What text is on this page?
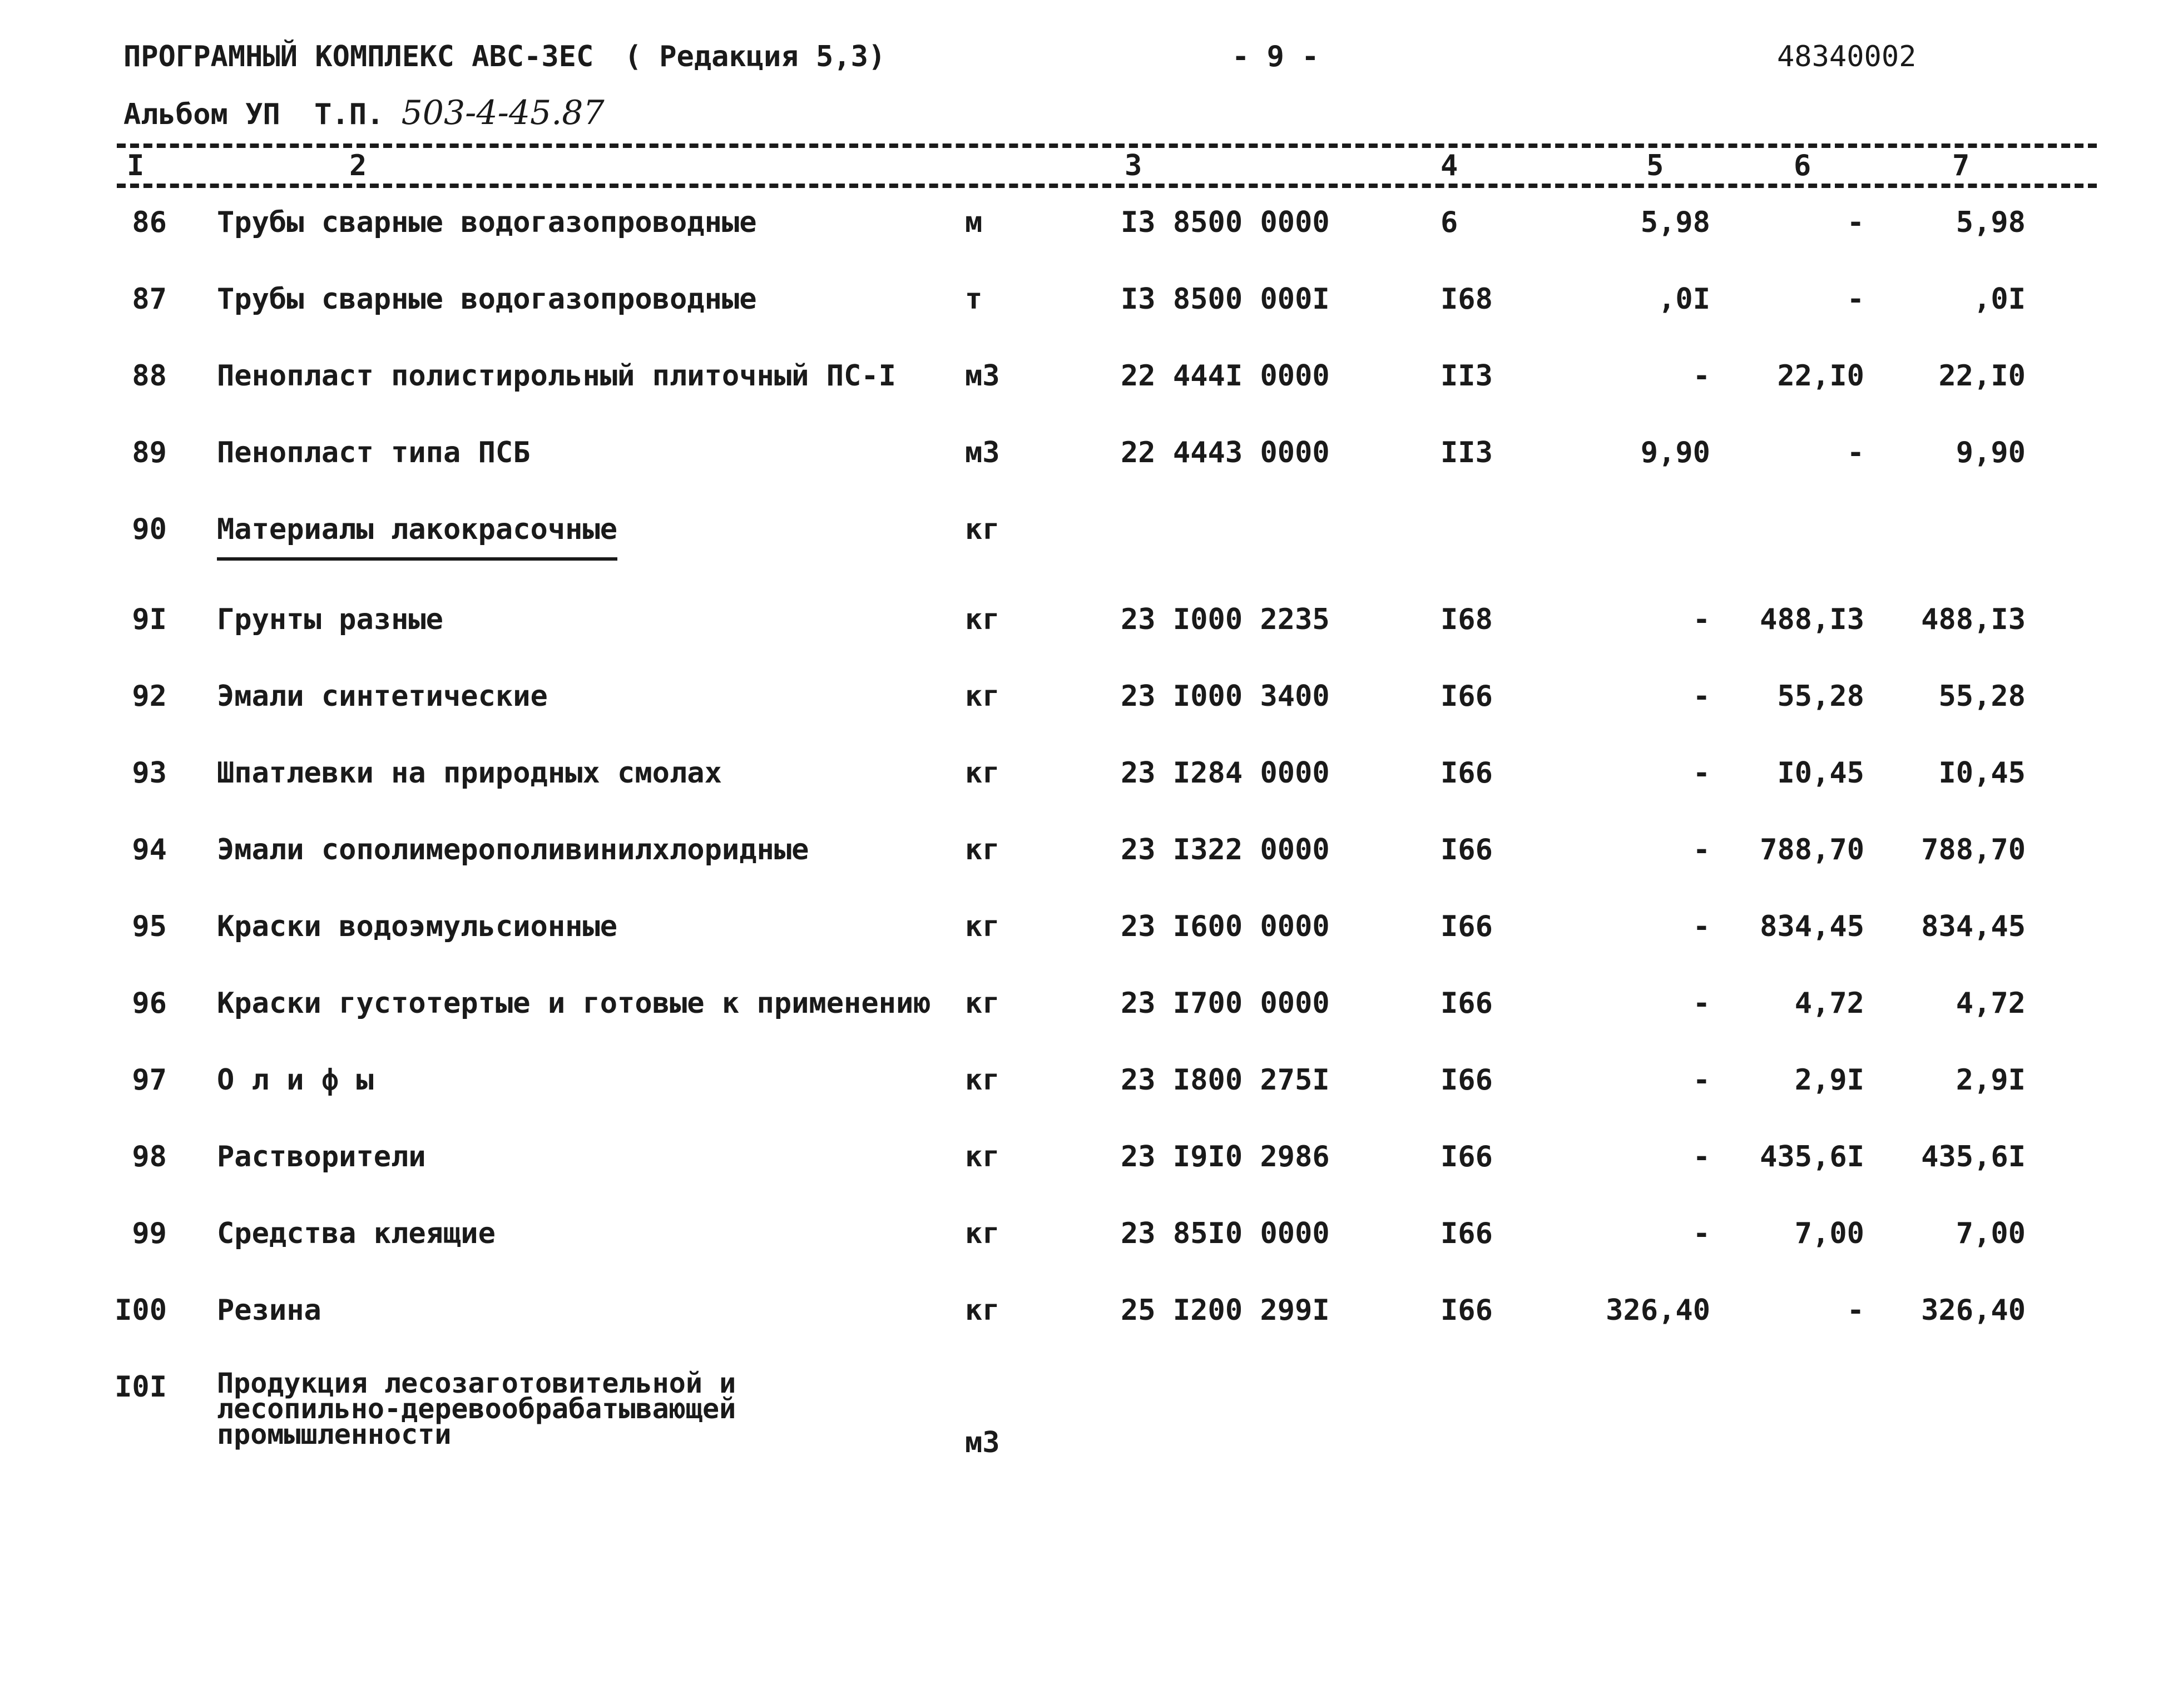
ПРОГРАМНЫЙ КОМПЛЕКС АВС-ЗЕС ( Редакция 5,3)	- 9 -	48340002
Альбом УП Т.П. 503-4-45.87
I	2	3	4	5	6	7
86 Трубы сварные водогазопроводные	м	I3 8500 0000	6	5,98	-	5,98
87 Трубы сварные водогазопроводные	т	I3 8500 000I	I68	,0I	-	,0I
88 Пенопласт полистирольный плиточный ПС-I м3	22 444I 0000	II3	-	22,I0	22,I0
89 Пенопласт типа ПСБ	м3	22 4443 0000	II3	9,90	-	9,90
90 Материалы лакокрасочные	кг
9I Грунты разные	кг	23 I000 2235	I68	-	488,I3	488,I3
92 Эмали синтетические	кг	23 I000 3400	I66	-	55,28	55,28
93 Шпатлевки на природных смолах	кг	23 I284 0000	I66	-	I0,45	I0,45
94 Эмали сополимерополивинилхлоридные	кг	23 I322 0000	I66	-	788,70	788,70
95 Краски водоэмульсионные	кг	23 I600 0000	I66	-	834,45	834,45
96 Краски густотертые и готовые к применению кг	23 I700 0000	I66	-	4,72	4,72
97 О л и ф ы	кг	23 I800 275I	I66	-	2,9I	2,9I
98 Растворители	кг	23 I9I0 2986	I66	-	435,6I	435,6I
99 Средства клеящие	кг	23 85I0 0000	I66	-	7,00	7,00
I00 Резина	кг	25 I200 299I	I66	326,40	-	326,40
I0I Продукция лесозаготовительной и
лесопильно-деревообрабатывающей
промышленности	м3
